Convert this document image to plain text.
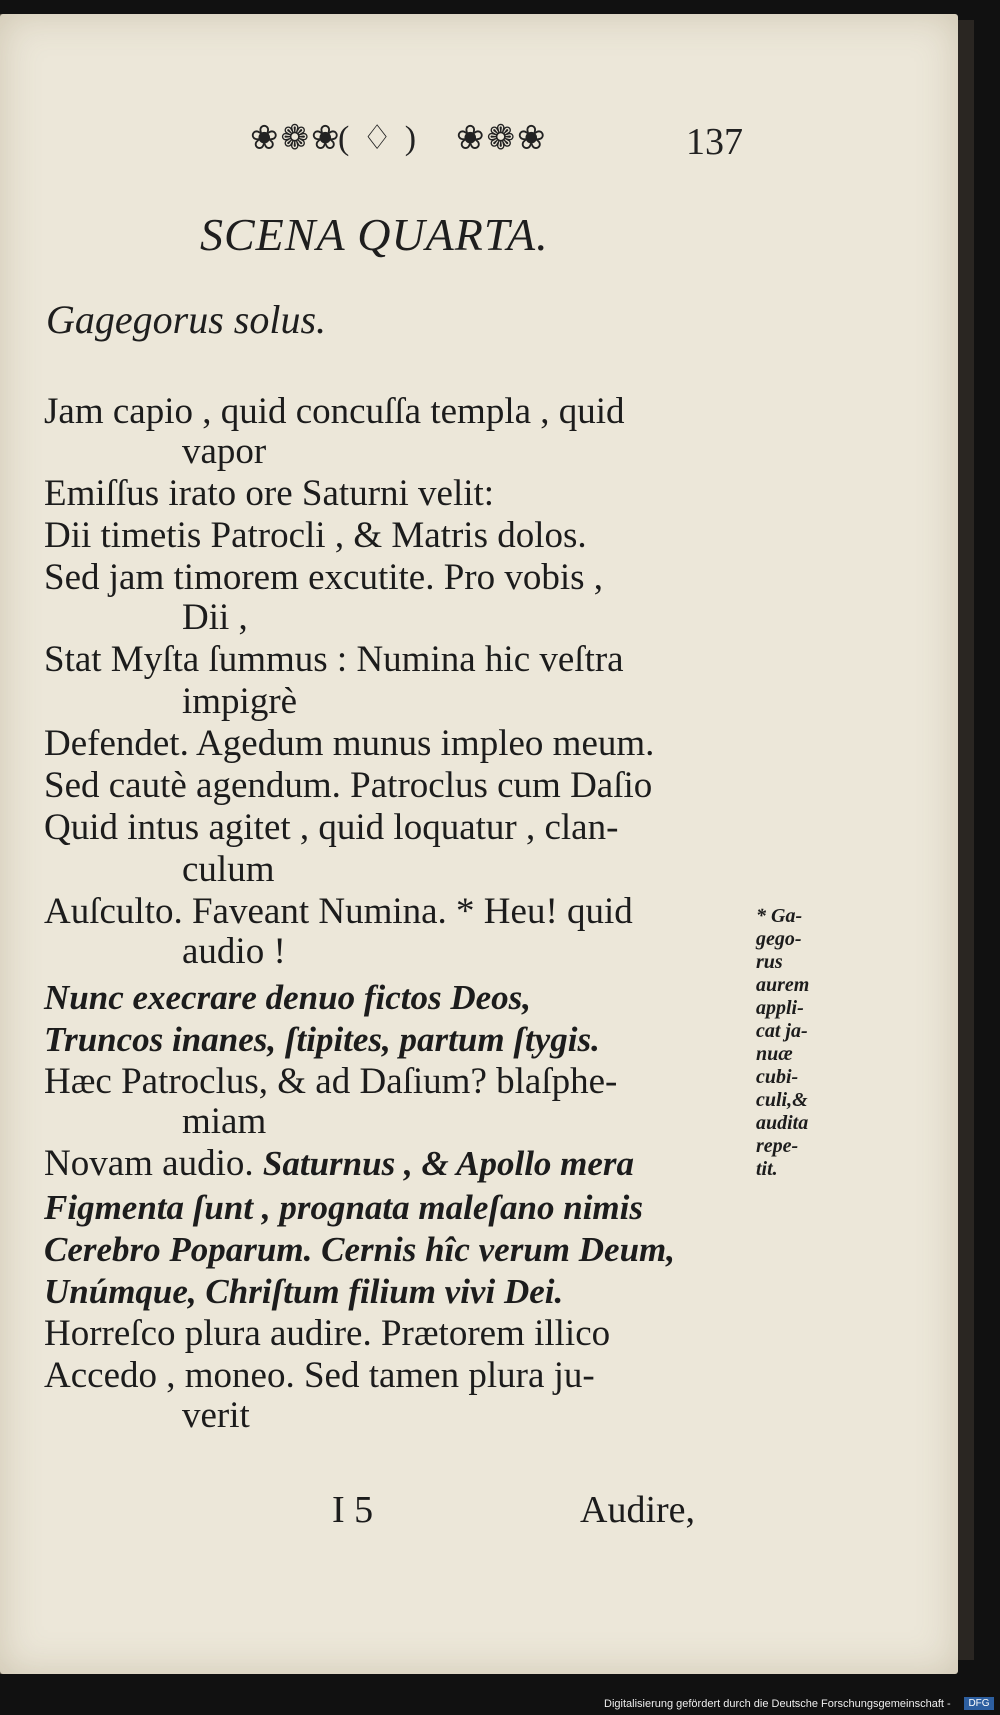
❀❁❀
( ♢ ) ❀❁❀	137
SCENA QUARTA.
Gagegorus solus.
Jam capio , quid concuſſa templa , quid
vapor
Emiſſus irato ore Saturni velit:
Dii timetis Patrocli , & Matris dolos.
Sed jam timorem excutite. Pro vobis ,
Dii ,
Stat Myſta ſummus : Numina hic veſtra
impigrè
Defendet. Agedum munus impleo meum.
Sed cautè agendum. Patroclus cum Daſio
Quid intus agitet , quid loquatur , clan-
culum
Auſculto. Faveant Numina. * Heu! quid
audio !
Nunc execrare denuo fictos Deos,
Truncos inanes, ſtipites, partum ſtygis.
Hæc Patroclus, & ad Daſium? blaſphe-
miam
Novam audio. Saturnus , & Apollo mera
Figmenta ſunt , prognata maleſano nimis
Cerebro Poparum. Cernis hîc verum Deum,
Unúmque, Chriſtum filium vivi Dei.
Horreſco plura audire. Prætorem illico
Accedo , moneo. Sed tamen plura ju-
verit
* Ga-
gego-
rus
aurem
appli-
cat ja-
nuæ
cubi-
culi,&
audita
repe-
tit.
I 5	Audire,
Digitalisierung gefördert durch die Deutsche Forschungsgemeinschaft -	DFG
